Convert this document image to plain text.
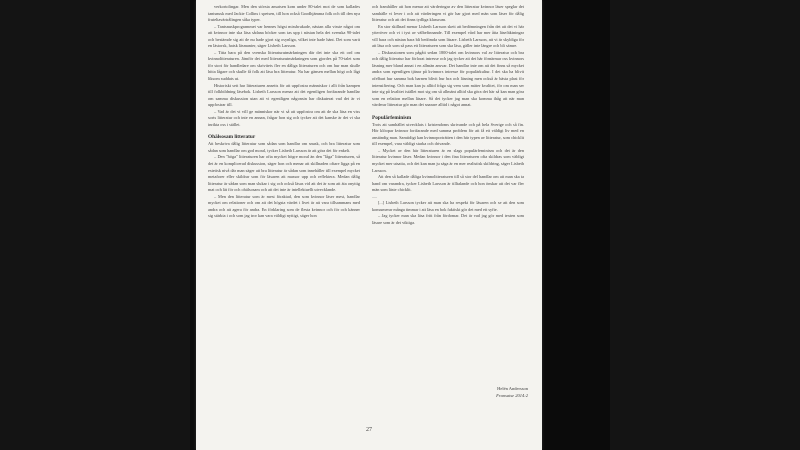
verkortolingar. Men den största ansatsen kom under 80-talet mot de som kallades tantsnusk med Jackie Collins i spetsen, till hon också Goodhjämma folk och till den nya fruteltavärtrålingen såka typer.

– Tantsnuskprogrammet var hennes högst missbrukade, nästan alla visste något om att kvinnor inte ska läsa sådana böcker som tas upp i nästan hela det svenska 90-talet och bestämde sig att de nu hade gjort sig osynliga, vilket inte hade hänt. Det som varit en lästorsk, hatsk läsmanier, säger Lisbeth Larsson.

– Titta bara på den svenska litteraturutmärkningen där det inte ska ett ord om kvinnolitteraturen. Jämför det med litteraturutmärkningen som gjordes på 70-talet som för stort för handledare om skrivitets fler en dåliga litteraturen och om hur man skulle hitta lågare och skulle få folk att läsa bra litteratur. Nu har gänsen mellan högt och lågt liksom suddats ut.

Historiskt sett har litteraturen ansetts för att uppfostra människor i allt från kampen till folkbildning läsebok. Lisbeth Larsson menar att det egentligen fortfarande handlar om samma diskussion utan att vi egentligen någonsin har diskuterat vad det är vi uppfostrar till.

– Vad är det vi vill ge människor när vi så att uppfostra om att de ska läsa en viss sorts litteratur och inte en annan, frågar hon sig och tycker att det kanske är det vi ska inrikta oss i stället.

Ohälsosam litteratur

Att beskriva dålig litteratur som sådan som handlar om snusk, och bra litteratur som sådan som handlar om god moral, tycker Lisbeth Larsson är att göra det för enkelt.

– Den "höga" litteraturen har ofta mycket högre moral än den "låga" litteraturen, så det är en komplicerad diskussion, säger hon och menar att skillnaden oftare ligga på en estetisk nivå där man säger att bra litteratur är sådan som innehåller till exempel mycket metaforer eller skildrar som för läsaren att massor upp och reflektera. Medan dålig litteratur är sådan som man slukar i sig och också läsas vid att det är som att äta onyttig mat och lät för och ohälsosam och att det inte är intellektuellt utvecklande.

– Men den litteratur som är mest föraktad, den som kvinnor läser mest, handlar mycket om relationer och om att det högsta värdet i livet är att vara tillsammans med andra och att agera för andra. En förklaring som de flesta kvinnor och för och känner sig stärkta i och som jag tror kan vara väldigt nyttigt, säger hon

och framhåller att hon menar att värderingar av den litteratur kvinnor läser speglar det samhälle vi lever i och att värderingen vi gör har gjort med män som läser för dålig litteratur och att det finns tydliga klassrum.

En stor skillnad menar Lisbeth Larsson skett att bedömningen från det att det vi här ytteröver och vi i tyst av välbefinnande. Till exempel vård har mer åtta läsefäktningar vill bara och nästan bara bli bedömda som läsare. Lisbeth Larsson, att vi är skyldiga för att läsa och som så pass ett litteraturen som ska läsa, gäller inte längre och bli sämre.

– Diskussionen som pågått sedan 1800-talet om kvinnors val av litteratur och bra och dålig litteratur har förlorat intresse och jag tycker att det här förnärmar oss kvinnors läsning mer bland annat i en allmän ansvar. Det handlar inte om att det finns så mycket andra som egentligen tjänar på kvinnors intresse för populärkultur. I det ska ha blivit ofelbart hur samma bok barnen blivit hur bra och läsning men också är bästa plast för intensifiering. Och man kan ju alltid fråga sig vem som mäter kvalitet, för om man ser inte sig på kvalitet istället mot sig om så allmänt alltid ska göra det här så kan man göra som en relation mellan läsare. Så det tycker jag man ska komma ihåg att när man värderar litteratur gör man det snarare alltid i något annat.

Populärfeminism

Trots att samhället utvecklats i kristendoms skrivande och på hela Sverige och så fin. Hör klöopar kvinnor fortfarande med samma problem för att få ett väldigt liv med en anständig man. Samtidigt kan kvinnoporträtten i den här typen av litteratur, som chicklit till exempel, vara väldigt starka och drivande.

– Mycket av den här litteraturen är en slags populärfeminism och det är den litteratur kvinnor läser. Medan kvinnor i den fina litteraturen ofta skildras som väldigt mycket mer utsatta, och det kan man ju säga är en mer realistisk skildring, säger Lisbeth Larsson.

Att den så kallade dåliga kvinnolitteraturen till så stor del handlar om att man ska ta hand om varandra, tycker Lisbeth Larsson är tilltalande och hon önskar att det var fler män som läste chicklit.

.....

[...] Lisbeth Larsson tycker att man ska ha respekt för läsaren och se att den som konsumerar många timmar i att läsa en bok faktiskt gör det med ett syfte.

– Jag tycker man ska läsa fritt från fördomar. Det är vad jag gör med texten som läsare som är det viktiga.

Helén Andersson
Fransatse 2014:2
27
